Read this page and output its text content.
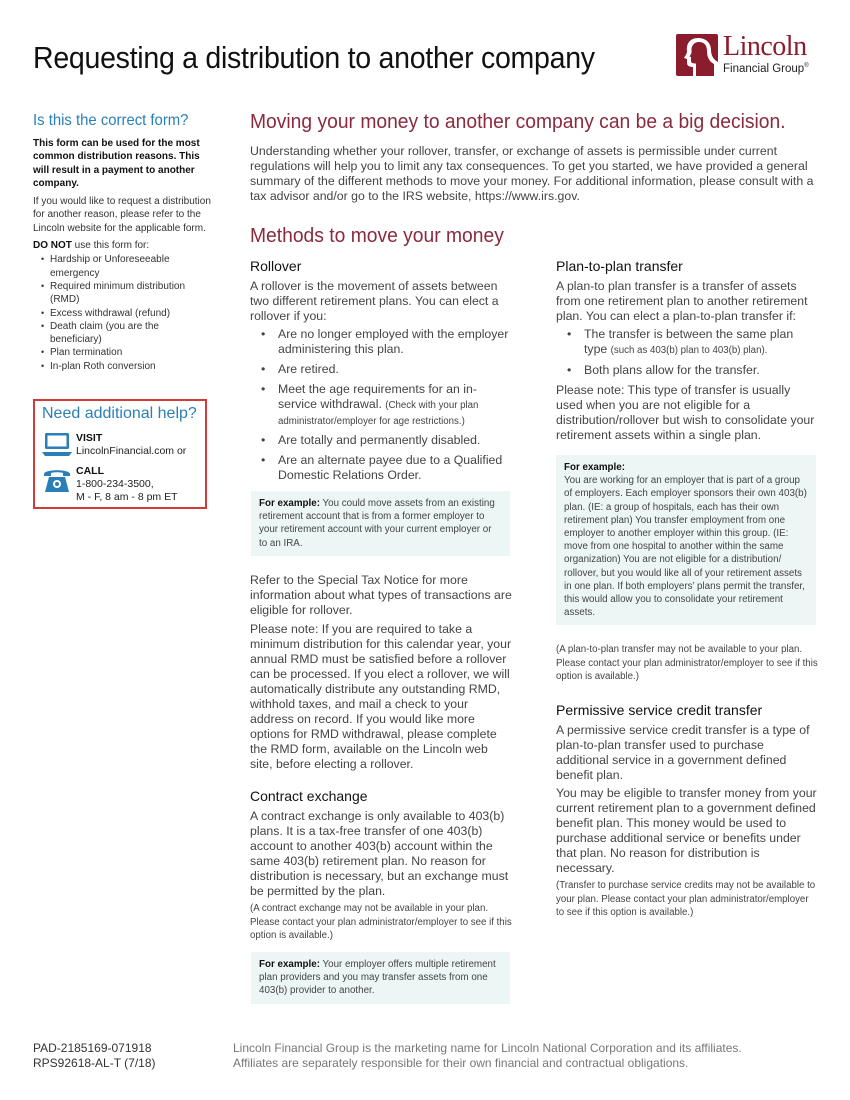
Requesting a distribution to another company	Lincoln
Financial Group®
Is this the correct form?
This form can be used for the most common distribution reasons. This will result in a payment to another company.
If you would like to request a distribution for another reason, please refer to the Lincoln website for the applicable form.
DO NOT use this form for:
• Hardship or Unforeseeable emergency
• Required minimum distribution (RMD)
• Excess withdrawal (refund)
• Death claim (you are the beneficiary)
• Plan termination
• In-plan Roth conversion
Need additional help?
VISIT
LincolnFinancial.com or
CALL
1-800-234-3500,
M - F, 8 am - 8 pm ET
Moving your money to another company can be a big decision.
Understanding whether your rollover, transfer, or exchange of assets is permissible under current regulations will help you to limit any tax consequences. To get you started, we have provided a general summary of the different methods to move your money. For additional information, please consult with a tax advisor and/or go to the IRS website, https://www.irs.gov.
Methods to move your money
Rollover
A rollover is the movement of assets between two different retirement plans. You can elect a rollover if you:
• Are no longer employed with the employer administering this plan.
• Are retired.
• Meet the age requirements for an in-service withdrawal. (Check with your plan administrator/employer for age restrictions.)
• Are totally and permanently disabled.
• Are an alternate payee due to a Qualified Domestic Relations Order.
For example: You could move assets from an existing retirement account that is from a former employer to your retirement account with your current employer or to an IRA.
Refer to the Special Tax Notice for more information about what types of transactions are eligible for rollover.
Please note: If you are required to take a minimum distribution for this calendar year, your annual RMD must be satisfied before a rollover can be processed. If you elect a rollover, we will automatically distribute any outstanding RMD, withhold taxes, and mail a check to your address on record. If you would like more options for RMD withdrawal, please complete the RMD form, available on the Lincoln web site, before electing a rollover.
Contract exchange
A contract exchange is only available to 403(b) plans. It is a tax-free transfer of one 403(b) account to another 403(b) account within the same 403(b) retirement plan. No reason for distribution is necessary, but an exchange must be permitted by the plan.
(A contract exchange may not be available in your plan. Please contact your plan administrator/employer to see if this option is available.)
For example: Your employer offers multiple retirement plan providers and you may transfer assets from one 403(b) provider to another.
Plan-to-plan transfer
A plan-to plan transfer is a transfer of assets from one retirement plan to another retirement plan. You can elect a plan-to-plan transfer if:
• The transfer is between the same plan type (such as 403(b) plan to 403(b) plan).
• Both plans allow for the transfer.
Please note: This type of transfer is usually used when you are not eligible for a distribution/rollover but wish to consolidate your retirement assets within a single plan.
For example:
You are working for an employer that is part of a group of employers. Each employer sponsors their own 403(b) plan. (IE: a group of hospitals, each has their own retirement plan) You transfer employment from one employer to another employer within this group. (IE: move from one hospital to another within the same organization) You are not eligible for a distribution/ rollover, but you would like all of your retirement assets in one plan. If both employers’ plans permit the transfer, this would allow you to consolidate your retirement assets.
(A plan-to-plan transfer may not be available to your plan. Please contact your plan administrator/employer to see if this option is available.)
Permissive service credit transfer
A permissive service credit transfer is a type of plan-to-plan transfer used to purchase additional service in a government defined benefit plan.
You may be eligible to transfer money from your current retirement plan to a government defined benefit plan. This money would be used to purchase additional service or benefits under that plan. No reason for distribution is necessary.
(Transfer to purchase service credits may not be available to your plan. Please contact your plan administrator/employer to see if this option is available.)
PAD-2185169-071918
RPS92618-AL-T (7/18)
Lincoln Financial Group is the marketing name for Lincoln National Corporation and its affiliates.
Affiliates are separately responsible for their own financial and contractual obligations.
